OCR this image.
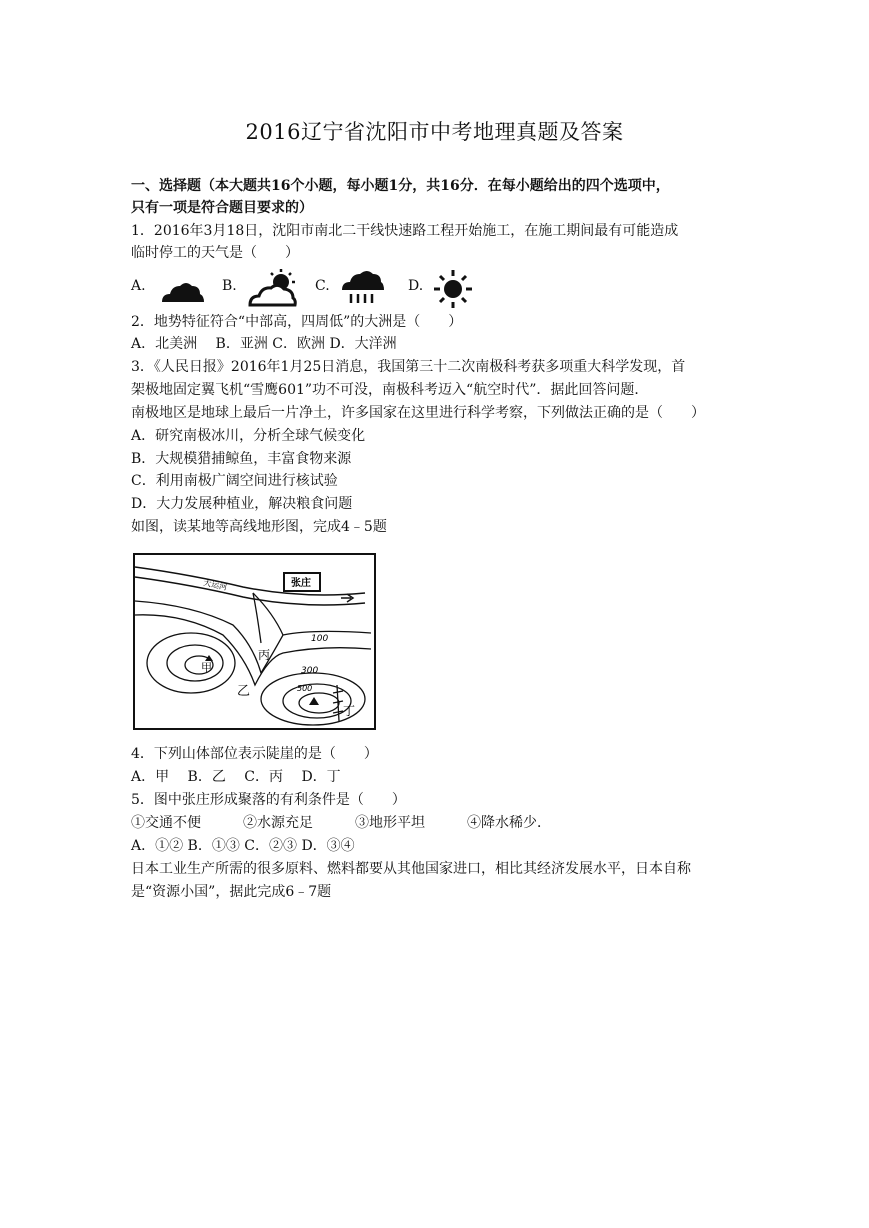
2016辽宁省沈阳市中考地理真题及答案
一、选择题（本大题共16个小题，每小题1分，共16分．在每小题给出的四个选项中，
只有一项是符合题目要求的）
1．2016年3月18日，沈阳市南北二干线快速路工程开始施工，在施工期间最有可能造成
临时停工的天气是（　　）
A.	B.	C.	D.
2．地势特征符合“中部高，四周低”的大洲是（　　）
A．北美洲　 B．亚洲 C．欧洲 D．大洋洲
3．《人民日报》2016年1月25日消息，我国第三十二次南极科考获多项重大科学发现，首
架极地固定翼飞机“雪鹰601”功不可没，南极科考迈入“航空时代”．据此回答问题．
南极地区是地球上最后一片净土，许多国家在这里进行科学考察，下列做法正确的是（　　）
A．研究南极冰川，分析全球气候变化
B．大规模猎捕鲸鱼，丰富食物来源
C．利用南极广阔空间进行核试验
D．大力发展种植业，解决粮食问题
如图，读某地等高线地形图，完成4﹣5题
大运河	张庄
甲
乙
丙
丁
100
300
500
4．下列山体部位表示陡崖的是（　　）
A．甲　 B．乙　 C．丙　 D．丁
5．图中张庄形成聚落的有利条件是（　　）
①交通不便　　　②水源充足　　　③地形平坦　　　④降水稀少．
A．①② B．①③ C．②③ D．③④
日本工业生产所需的很多原料、燃料都要从其他国家进口，相比其经济发展水平，日本自称
是“资源小国”，据此完成6﹣7题
